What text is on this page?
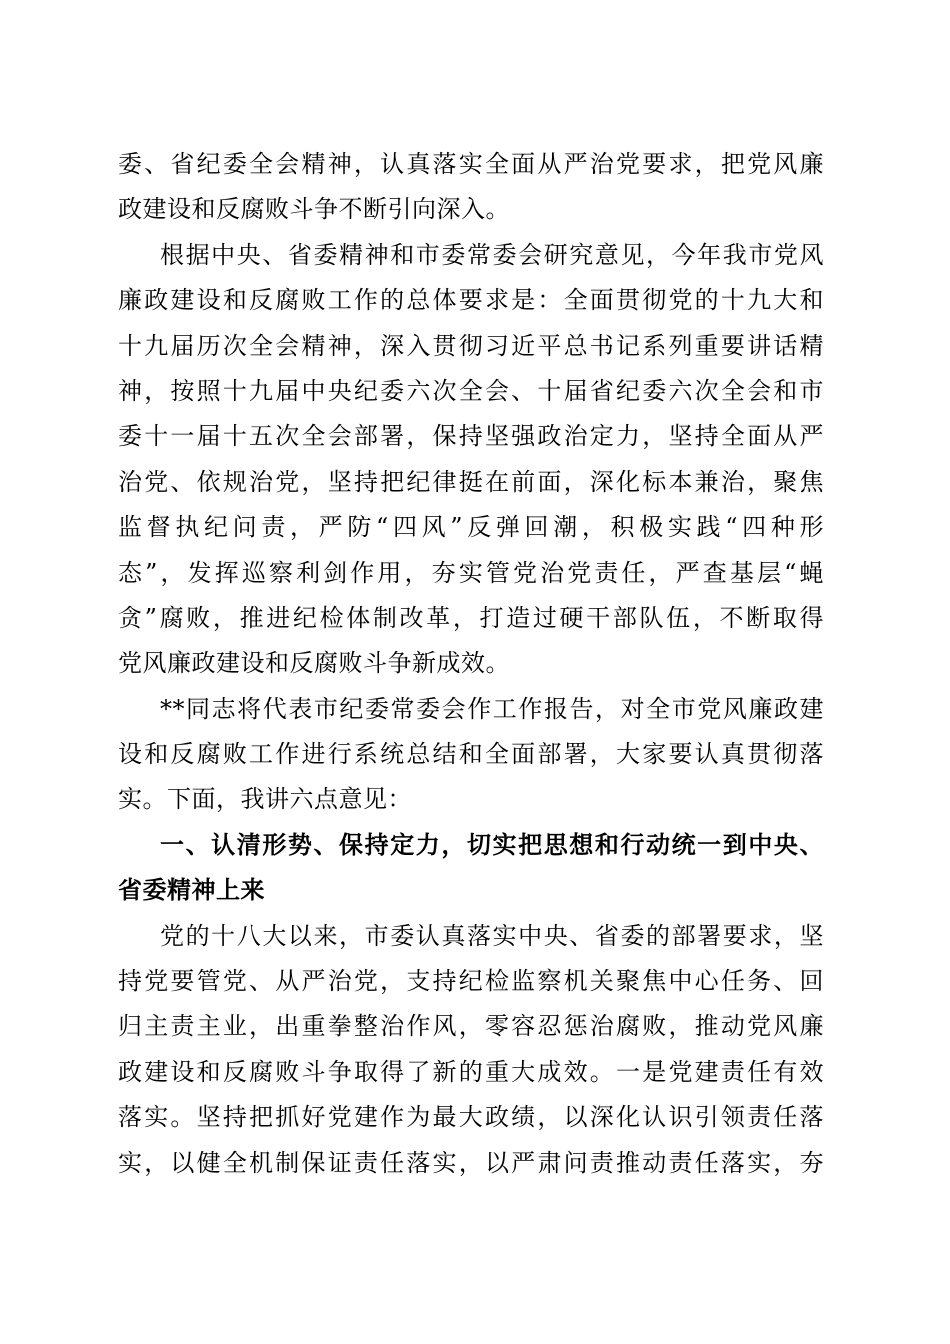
委、省纪委全会精神，认真落实全面从严治党要求，把党风廉
政建设和反腐败斗争不断引向深入。
根据中央、省委精神和市委常委会研究意见，今年我市党风
廉政建设和反腐败工作的总体要求是：全面贯彻党的十九大和
十九届历次全会精神，深入贯彻习近平总书记系列重要讲话精
神，按照十九届中央纪委六次全会、十届省纪委六次全会和市
委十一届十五次全会部署，保持坚强政治定力，坚持全面从严
治党、依规治党，坚持把纪律挺在前面，深化标本兼治，聚焦
监督执纪问责，严防“四风”反弹回潮，积极实践“四种形
态”，发挥巡察利剑作用，夯实管党治党责任，严查基层“蝇
贪”腐败，推进纪检体制改革，打造过硬干部队伍，不断取得
党风廉政建设和反腐败斗争新成效。
**同志将代表市纪委常委会作工作报告，对全市党风廉政建
设和反腐败工作进行系统总结和全面部署，大家要认真贯彻落
实。下面，我讲六点意见：
一、认清形势、保持定力，切实把思想和行动统一到中央、
省委精神上来
党的十八大以来，市委认真落实中央、省委的部署要求，坚
持党要管党、从严治党，支持纪检监察机关聚焦中心任务、回
归主责主业，出重拳整治作风，零容忍惩治腐败，推动党风廉
政建设和反腐败斗争取得了新的重大成效。一是党建责任有效
落实。坚持把抓好党建作为最大政绩，以深化认识引领责任落
实，以健全机制保证责任落实，以严肃问责推动责任落实，夯
